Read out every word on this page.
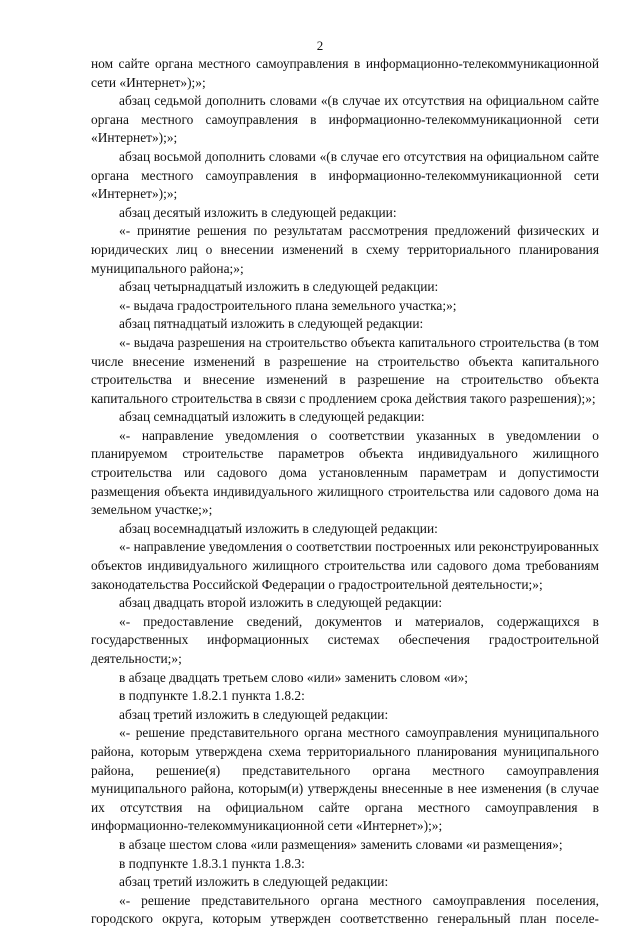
2

ном сайте органа местного самоуправления в информационно-телекоммуникационной сети «Интернет»);»;

абзац седьмой дополнить словами «(в случае их отсутствия на официальном сайте органа местного самоуправления в информационно-телекоммуникационной сети «Интернет»);»;

абзац восьмой дополнить словами «(в случае его отсутствия на официальном сайте органа местного самоуправления в информационно-телекоммуникационной сети «Интернет»);»;

абзац десятый изложить в следующей редакции:

«- принятие решения по результатам рассмотрения предложений физических и юридических лиц о внесении изменений в схему территориального планирования муниципального района;»;

абзац четырнадцатый изложить в следующей редакции:

«- выдача градостроительного плана земельного участка;»;

абзац пятнадцатый изложить в следующей редакции:

«- выдача разрешения на строительство объекта капитального строительства (в том числе внесение изменений в разрешение на строительство объекта капитального строительства и внесение изменений в разрешение на строительство объекта капитального строительства в связи с продлением срока действия такого разрешения);»;

абзац семнадцатый изложить в следующей редакции:

«- направление уведомления о соответствии указанных в уведомлении о планируемом строительстве параметров объекта индивидуального жилищного строительства или садового дома установленным параметрам и допустимости размещения объекта индивидуального жилищного строительства или садового дома на земельном участке;»;

абзац восемнадцатый изложить в следующей редакции:

«- направление уведомления о соответствии построенных или реконструированных объектов индивидуального жилищного строительства или садового дома требованиям законодательства Российской Федерации о градостроительной деятельности;»;

абзац двадцать второй изложить в следующей редакции:

«- предоставление сведений, документов и материалов, содержащихся в государственных информационных системах обеспечения градостроительной деятельности;»;

в абзаце двадцать третьем слово «или» заменить словом «и»;

в подпункте 1.8.2.1 пункта 1.8.2:

абзац третий изложить в следующей редакции:

«- решение представительного органа местного самоуправления муниципального района, которым утверждена схема территориального планирования муниципального района, решение(я) представительного органа местного самоуправления муниципального района, которым(и) утверждены внесенные в нее изменения (в случае их отсутствия на официальном сайте органа местного самоуправления в информационно-телекоммуникационной сети «Интернет»);»;

в абзаце шестом слова «или размещения» заменить словами «и размещения»;

в подпункте 1.8.3.1 пункта 1.8.3:

абзац третий изложить в следующей редакции:

«- решение представительного органа местного самоуправления поселения, городского округа, которым утвержден соответственно генеральный план поселе-
